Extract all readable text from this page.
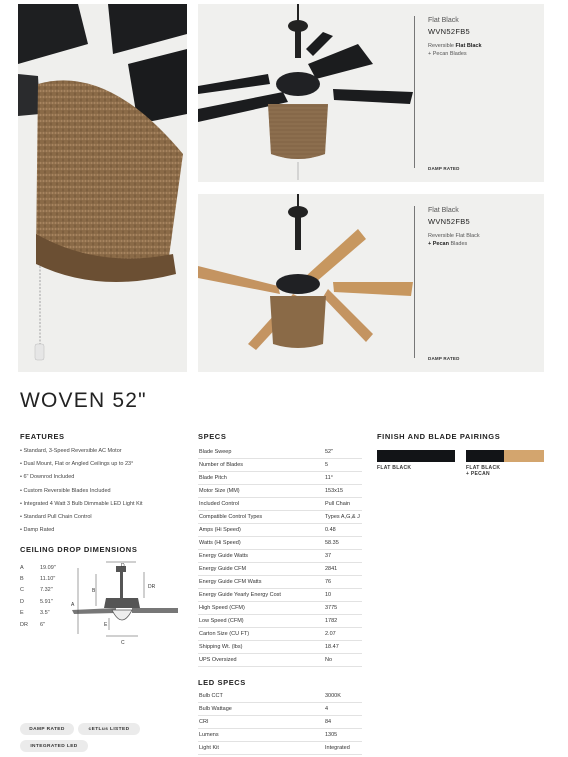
Flat Black
WVN52FB5
Reversible Flat Black
+ Pecan Blades
DAMP RATED
Flat Black
WVN52FB5
Reversible Flat Black
+ Pecan Blades
DAMP RATED
WOVEN 52"
FEATURES
• Standard, 3-Speed Reversible AC Motor
• Dual Mount, Flat or Angled Ceilings up to 23°
• 6" Downrod Included
• Custom Reversible Blades Included
• Integrated 4 Watt 3 Bulb Dimmable LED Light Kit
• Standard Pull Chain Control
• Damp Rated
CEILING DROP DIMENSIONS
A	19.09"
B	11.10"
C	7.32"
D	5.91"
E	3.5"
DR	6"
D
B
DR
A
E
C
SPECS
Blade Sweep	52"
Number of Blades	5
Blade Pitch	11°
Motor Size (MM)	153x15
Included Control	Pull Chain
Compatible Control Types	Types A,G,& J
Amps (Hi Speed)	0.48
Watts (Hi Speed)	58.35
Energy Guide Watts	37
Energy Guide CFM	2841
Energy Guide CFM Watts	76
Energy Guide Yearly Energy Cost	10
High Speed (CFM)	3775
Low Speed (CFM)	1782
Carton Size (CU FT)	2.07
Shipping Wt. (lbs)	18.47
UPS Oversized	No
LED SPECS
Bulb CCT	3000K
Bulb Wattage	4
CRI	84
Lumens	1305
Light Kit	Integrated
FINISH AND BLADE PAIRINGS
FLAT BLACK	FLAT BLACK
+ PECAN
DAMP RATED	cETLus LISTED
INTEGRATED LED
